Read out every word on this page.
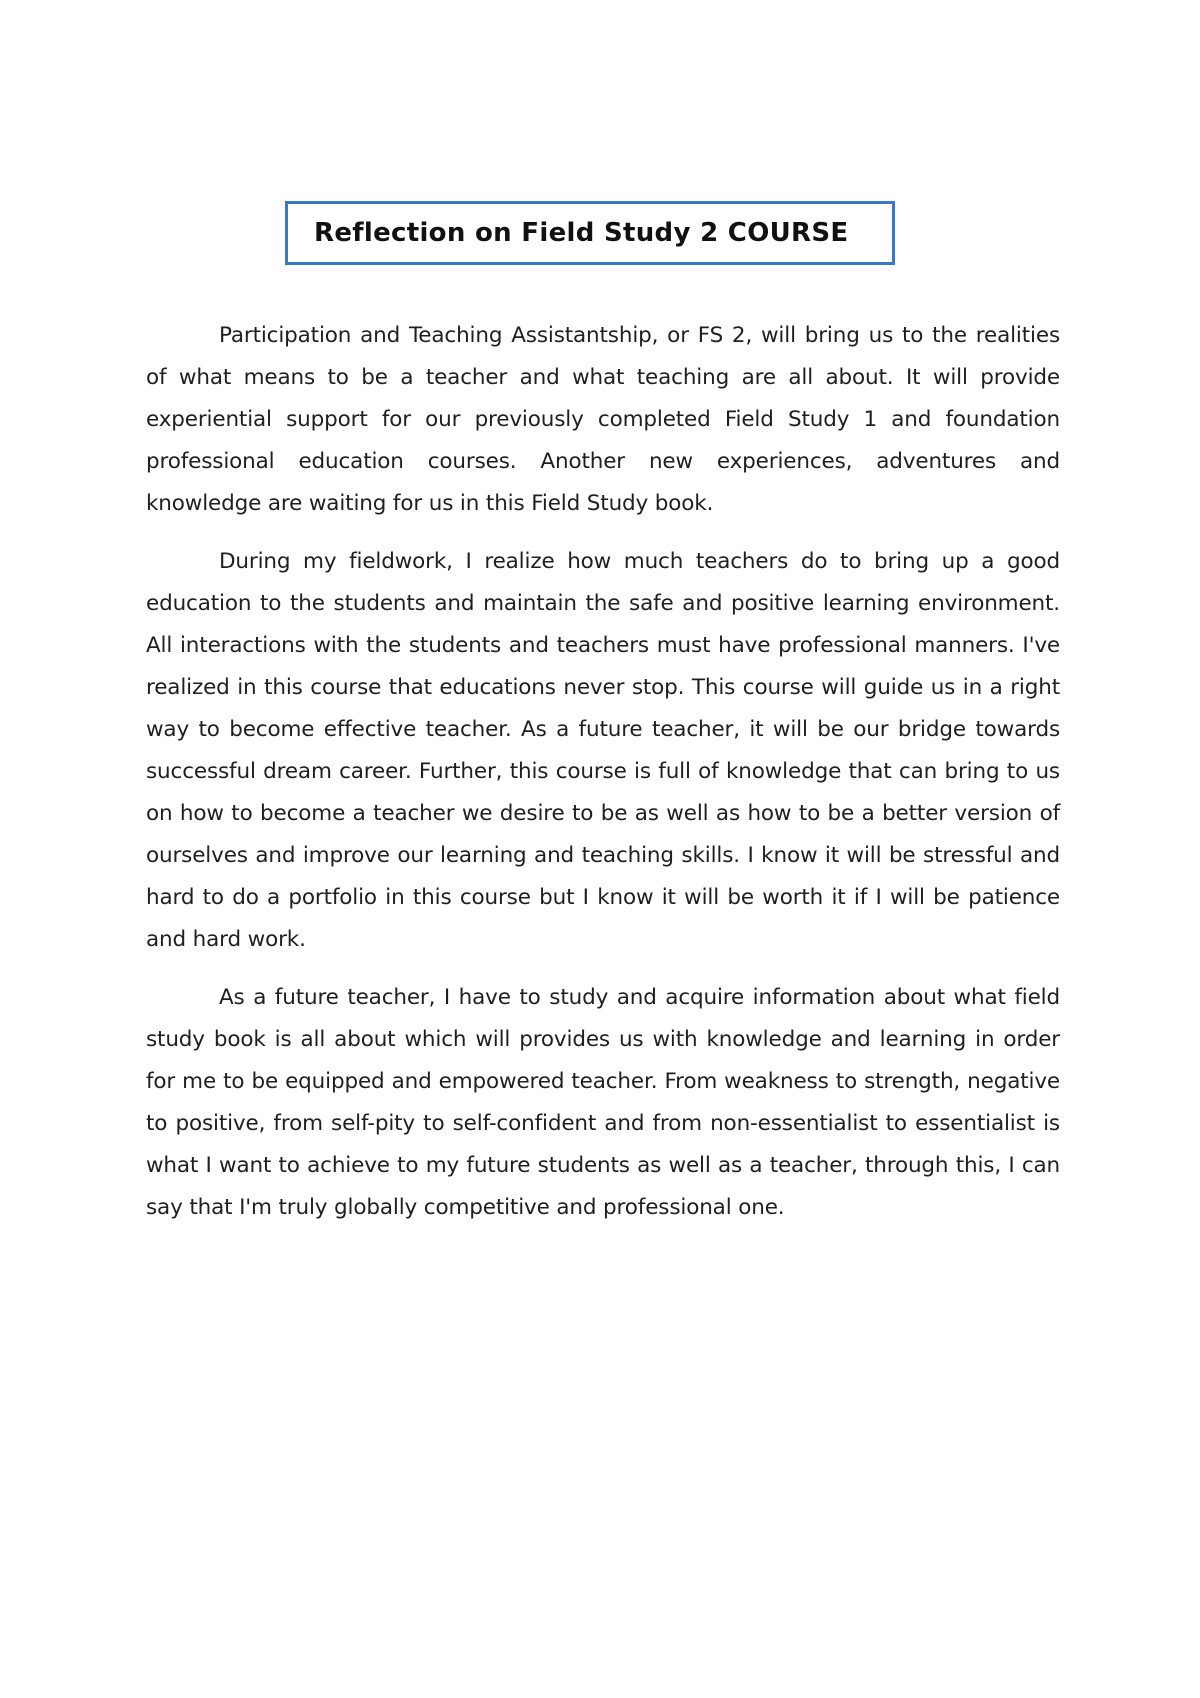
Reflection on Field Study 2 COURSE

Participation and Teaching Assistantship, or FS 2, will bring us to the realities of what means to be a teacher and what teaching are all about. It will provide experiential support for our previously completed Field Study 1 and foundation professional education courses. Another new experiences, adventures and knowledge are waiting for us in this Field Study book.

During my fieldwork, I realize how much teachers do to bring up a good education to the students and maintain the safe and positive learning environment. All interactions with the students and teachers must have professional manners. I've realized in this course that educations never stop. This course will guide us in a right way to become effective teacher. As a future teacher, it will be our bridge towards successful dream career. Further, this course is full of knowledge that can bring to us on how to become a teacher we desire to be as well as how to be a better version of ourselves and improve our learning and teaching skills. I know it will be stressful and hard to do a portfolio in this course but I know it will be worth it if I will be patience and hard work.

As a future teacher, I have to study and acquire information about what field study book is all about which will provides us with knowledge and learning in order for me to be equipped and empowered teacher. From weakness to strength, negative to positive, from self-pity to self-confident and from non-essentialist to essentialist is what I want to achieve to my future students as well as a teacher, through this, I can say that I'm truly globally competitive and professional one.
